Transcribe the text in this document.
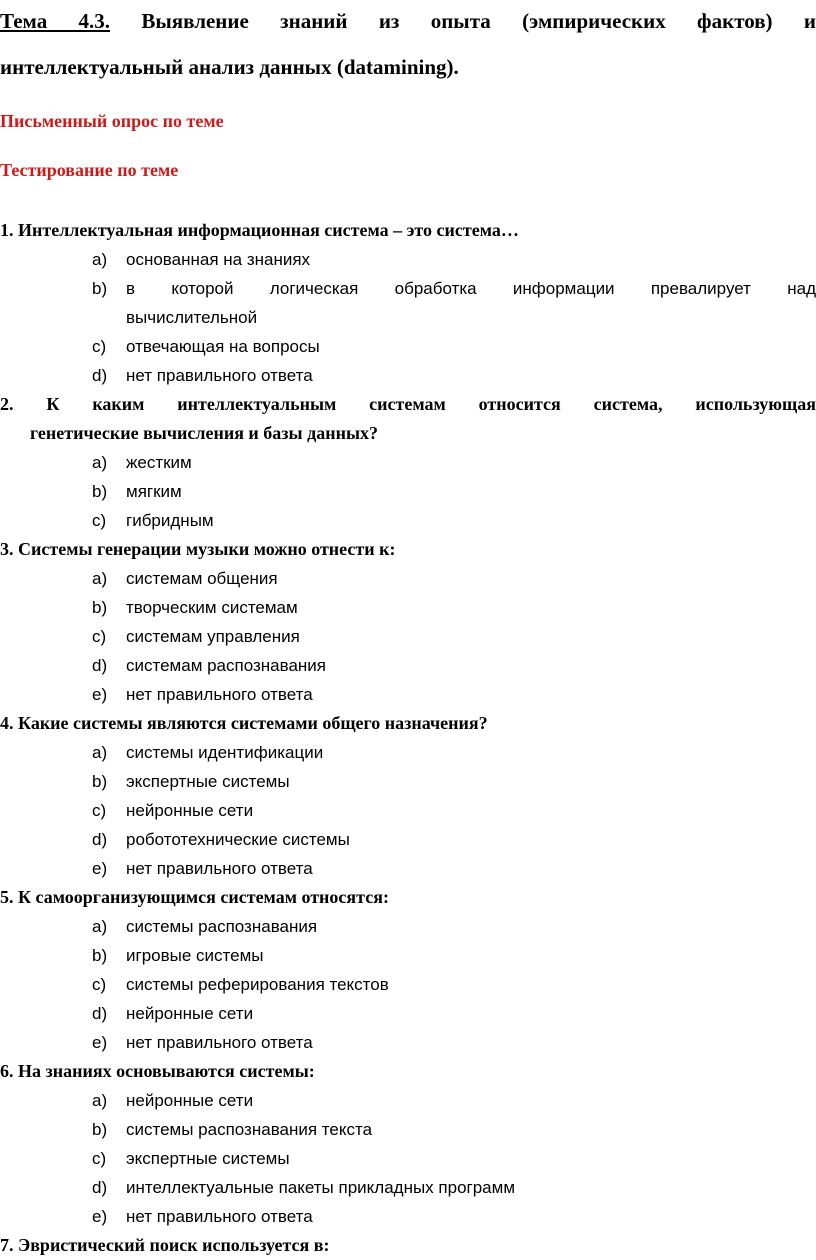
Тема 4.3. Выявление знаний из опыта (эмпирических фактов) и
интеллектуальный анализ данных (datamining).

Письменный опрос по теме

Тестирование по теме

1. Интеллектуальная информационная система – это система…

a) основанная на знаниях
b) в которой логическая обработка информации превалирует над
вычислительной
c) отвечающая на вопросы
d) нет правильного ответа

2. К каким интеллектуальным системам относится система, использующая

генетические вычисления и базы данных?

a) жестким
b) мягким
c) гибридным

3. Системы генерации музыки можно отнести к:

a) системам общения
b) творческим системам
c) системам управления
d) системам распознавания
e) нет правильного ответа

4. Какие системы являются системами общего назначения?

a) системы идентификации
b) экспертные системы
c) нейронные сети
d) робототехнические системы
e) нет правильного ответа

5. К самоорганизующимся системам относятся:

a) системы распознавания
b) игровые системы
c) системы реферирования текстов
d) нейронные сети
e) нет правильного ответа

6. На знаниях основываются системы:

a) нейронные сети
b) системы распознавания текста
c) экспертные системы
d) интеллектуальные пакеты прикладных программ
e) нет правильного ответа

7. Эвристический поиск используется в:
